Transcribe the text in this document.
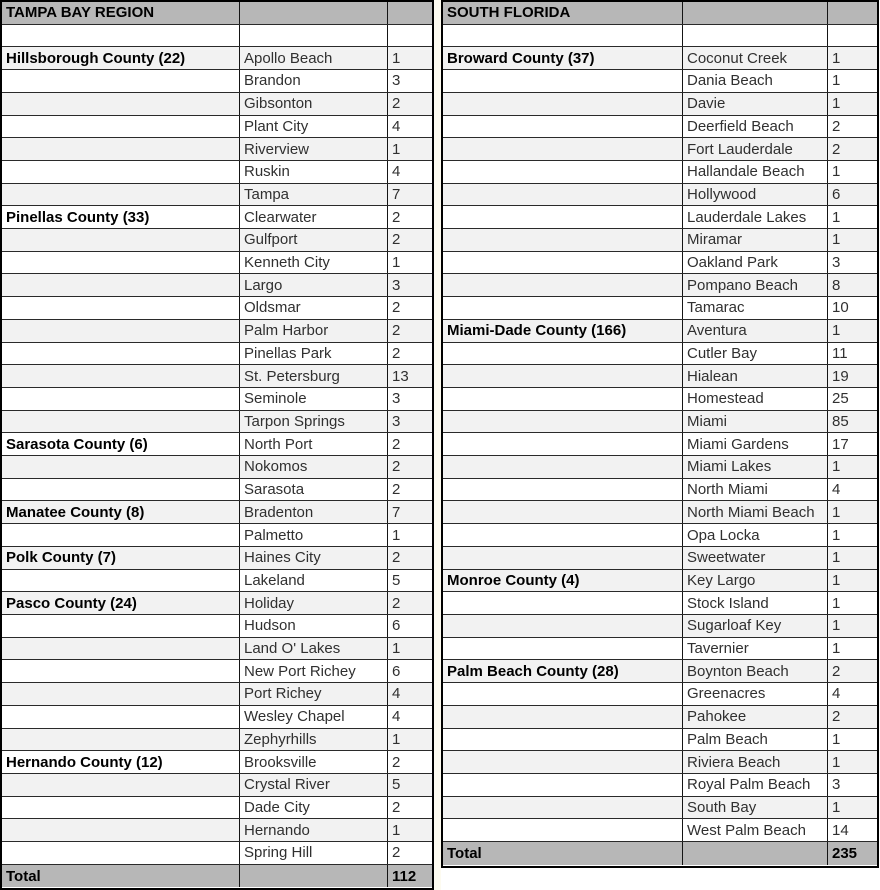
TAMPA BAY REGION
Hillsborough County (22)	Apollo Beach	1
Brandon	3
Gibsonton	2
Plant City	4
Riverview	1
Ruskin	4
Tampa	7
Pinellas County (33)	Clearwater	2
Gulfport	2
Kenneth City	1
Largo	3
Oldsmar	2
Palm Harbor	2
Pinellas Park	2
St. Petersburg	13
Seminole	3
Tarpon Springs	3
Sarasota County (6)	North Port	2
Nokomos	2
Sarasota	2
Manatee County (8)	Bradenton	7
Palmetto	1
Polk County (7)	Haines City	2
Lakeland	5
Pasco County (24)	Holiday	2
Hudson	6
Land O' Lakes	1
New Port Richey	6
Port Richey	4
Wesley Chapel	4
Zephyrhills	1
Hernando County (12)	Brooksville	2
Crystal River	5
Dade City	2
Hernando	1
Spring Hill	2
Total	112
SOUTH FLORIDA
Broward County (37)	Coconut Creek	1
Dania Beach	1
Davie	1
Deerfield Beach	2
Fort Lauderdale	2
Hallandale Beach	1
Hollywood	6
Lauderdale Lakes	1
Miramar	1
Oakland Park	3
Pompano Beach	8
Tamarac	10
Miami-Dade County (166)	Aventura	1
Cutler Bay	11
Hialean	19
Homestead	25
Miami	85
Miami Gardens	17
Miami Lakes	1
North Miami	4
North Miami Beach	1
Opa Locka	1
Sweetwater	1
Monroe County (4)	Key Largo	1
Stock Island	1
Sugarloaf Key	1
Tavernier	1
Palm Beach County (28)	Boynton Beach	2
Greenacres	4
Pahokee	2
Palm Beach	1
Riviera Beach	1
Royal Palm Beach	3
South Bay	1
West Palm Beach	14
Total	235
